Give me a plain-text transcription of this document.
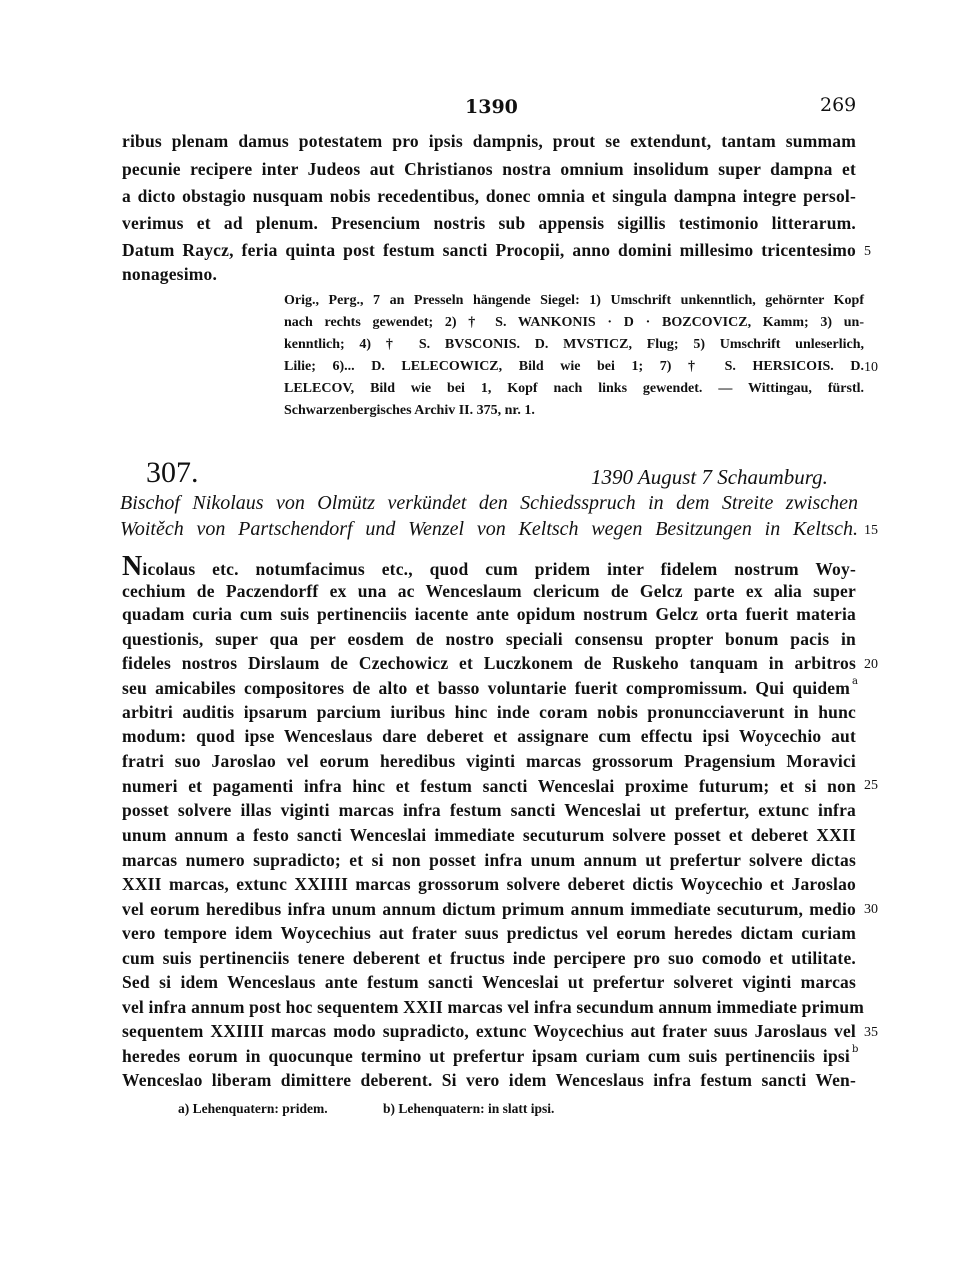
1390	269
ribus plenam damus potestatem pro ipsis dampnis, prout se extendunt, tantam summam
pecunie recipere inter Judeos aut Christianos nostra omnium insolidum super dampna et
a dicto obstagio nusquam nobis recedentibus, donec omnia et singula dampna integre persol-
verimus et ad plenum. Presencium nostris sub appensis sigillis testimonio litterarum.
Datum Raycz, feria quinta post festum sancti Procopii, anno domini millesimo tricentesimo
nonagesimo.
5
Orig., Perg., 7 an Presseln hängende Siegel: 1) Umschrift unkenntlich, gehörnter Kopf
nach rechts gewendet; 2) † S. WANKONIS · D · BOZCOVICZ, Kamm; 3) un-
kenntlich; 4) † S. BVSCONIS. D. MVSTICZ, Flug; 5) Umschrift unleserlich,
Lilie; 6)... D. LELECOWICZ, Bild wie bei 1; 7) † S. HERSICOIS. D.
LELECOV, Bild wie bei 1, Kopf nach links gewendet. — Wittingau, fürstl.
Schwarzenbergisches Archiv II. 375, nr. 1.
10
307.	1390 August 7 Schaumburg.
Bischof Nikolaus von Olmütz verkündet den Schiedsspruch in dem Streite zwischen
Woitěch von Partschendorf und Wenzel von Keltsch wegen Besitzungen in Keltsch. 15
Nicolaus etc. notumfacimus etc., quod cum pridem inter fidelem nostrum Woy-
cechium de Paczendorff ex una ac Wenceslaum clericum de Gelcz parte ex alia super
quadam curia cum suis pertinenciis iacente ante opidum nostrum Gelcz orta fuerit materia
questionis, super qua per eosdem de nostro speciali consensu propter bonum pacis in
fideles nostros Dirslaum de Czechowicz et Luczkonem de Ruskeho tanquam in arbitros 20
seu amicabiles compositores de alto et basso voluntarie fuerit compromissum. Qui quidem a
arbitri auditis ipsarum parcium iuribus hinc inde coram nobis pronuncciaverunt in hunc
modum: quod ipse Wenceslaus dare deberet et assignare cum effectu ipsi Woycechio aut
fratri suo Jaroslao vel eorum heredibus viginti marcas grossorum Pragensium Moravici
numeri et pagamenti infra hinc et festum sancti Wenceslai proxime futurum; et si non 25
posset solvere illas viginti marcas infra festum sancti Wenceslai ut prefertur, extunc infra
unum annum a festo sancti Wenceslai immediate secuturum solvere posset et deberet XXII
marcas numero supradicto; et si non posset infra unum annum ut prefertur solvere dictas
XXII marcas, extunc XXIIII marcas grossorum solvere deberet dictis Woycechio et Jaroslao
vel eorum heredibus infra unum annum dictum primum annum immediate secuturum, medio 30
vero tempore idem Woycechius aut frater suus predictus vel eorum heredes dictam curiam
cum suis pertinenciis tenere deberent et fructus inde percipere pro suo comodo et utilitate.
Sed si idem Wenceslaus ante festum sancti Wenceslai ut prefertur solveret viginti marcas
vel infra annum post hoc sequentem XXII marcas vel infra secundum annum immediate primum
sequentem XXIIII marcas modo supradicto, extunc Woycechius aut frater suus Jaroslaus vel 35
heredes eorum in quocunque termino ut prefertur ipsam curiam cum suis pertinenciis ipsi b
Wenceslao liberam dimittere deberent. Si vero idem Wenceslaus infra festum sancti Wen-
a) Lehenquatern: pridem.	b) Lehenquatern: in slatt ipsi.
